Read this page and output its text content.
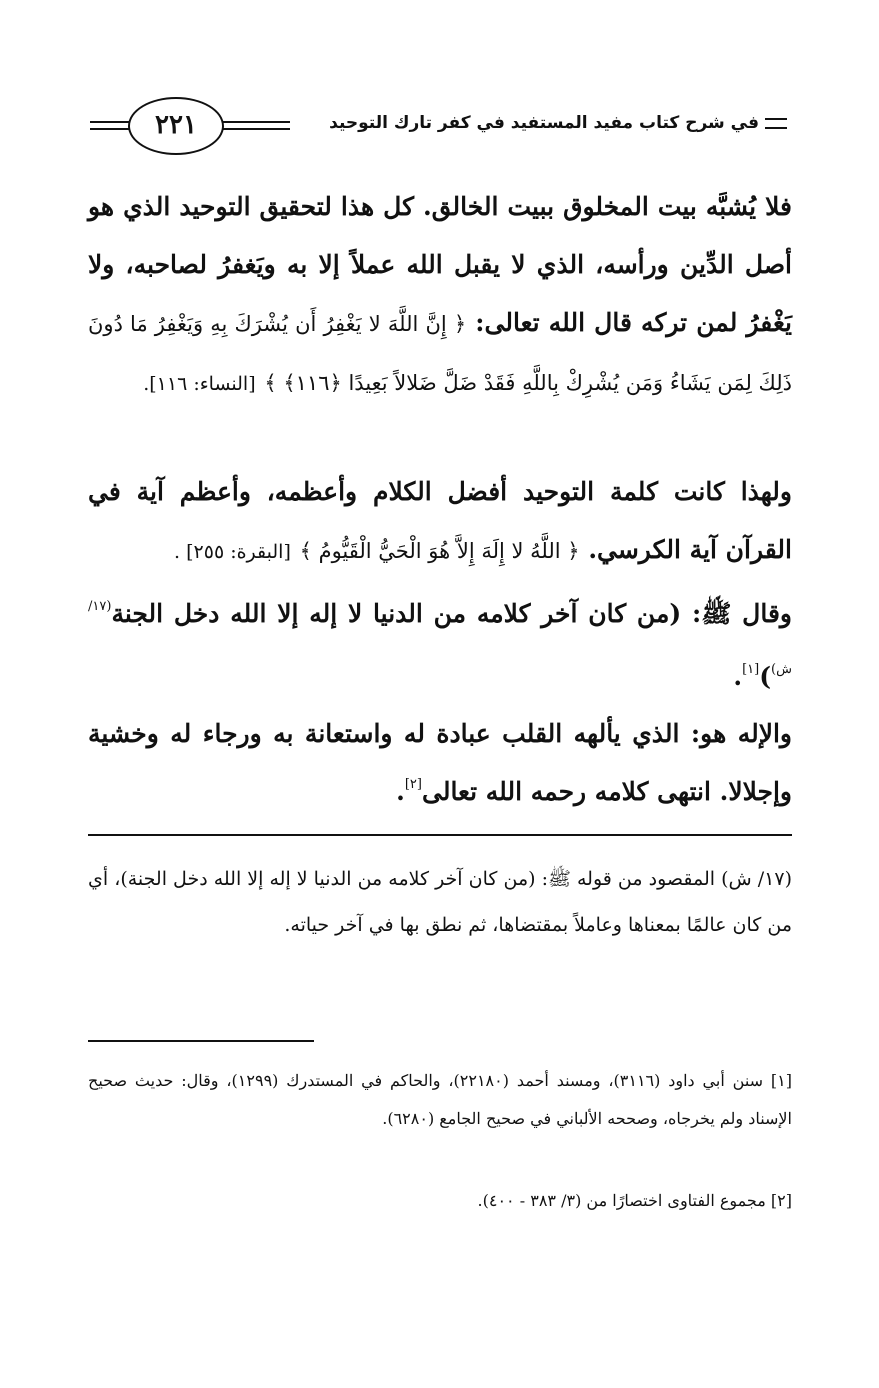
في شرح كتاب مفيد المستفيد في كفر تارك التوحيد
٢٢١
فلا يُشبَّه بيت المخلوق ببيت الخالق. كل هذا لتحقيق التوحيد الذي هو أصل الدِّين ورأسه، الذي لا يقبل الله عملاً إلا به ويَغفرُ لصاحبه، ولا يَغْفرُ لمن تركه قال الله تعالى: ﴿ إِنَّ اللَّهَ لا يَغْفِرُ أَن يُشْرَكَ بِهِ وَيَغْفِرُ مَا دُونَ ذَلِكَ لِمَن يَشَاءُ وَمَن يُشْرِكْ بِاللَّهِ فَقَدْ ضَلَّ ضَلالاً بَعِيدًا ﴿١١٦﴾ ﴾ [النساء: ١١٦].
ولهذا كانت كلمة التوحيد أفضل الكلام وأعظمه، وأعظم آية في القرآن آية الكرسي. ﴿ اللَّهُ لا إِلَهَ إِلاَّ هُوَ الْحَيُّ الْقَيُّومُ ﴾ [البقرة: ٢٥٥] .
وقال ﷺ: (من كان آخر كلامه من الدنيا لا إله إلا الله دخل الجنة$^{(١٧/ ش)}$)[١].
والإله هو: الذي يألهه القلب عبادة له واستعانة به ورجاء له وخشية وإجلالا. انتهى كلامه رحمه الله تعالى[٢].
(١٧/ ش) المقصود من قوله ﷺ: (من كان آخر كلامه من الدنيا لا إله إلا الله دخل الجنة)، أي من كان عالمًا بمعناها وعاملاً بمقتضاها، ثم نطق بها في آخر حياته.
[١] سنن أبي داود (٣١١٦)، ومسند أحمد (٢٢١٨٠)، والحاكم في المستدرك (١٢٩٩)، وقال: حديث صحيح الإسناد ولم يخرجاه، وصححه الألباني في صحيح الجامع (٦٢٨٠).
[٢] مجموع الفتاوى اختصارًا من (٣/ ٣٨٣ - ٤٠٠).
